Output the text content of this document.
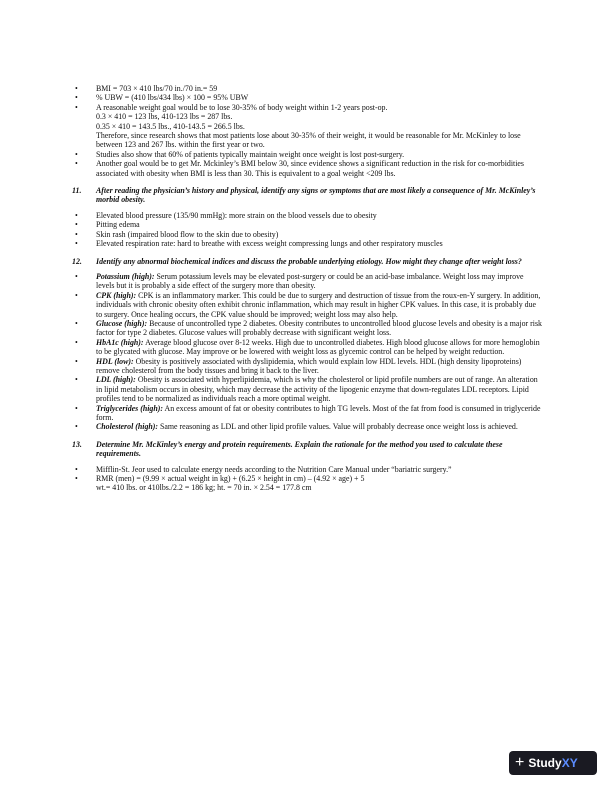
• BMI = 703 × 410 lbs/70 in./70 in.= 59
• % UBW = (410 lbs/434 lbs) × 100 = 95% UBW
• A reasonable weight goal would be to lose 30-35% of body weight within 1-2 years post-op.
0.3 × 410 = 123 lbs, 410-123 lbs = 287 lbs.
0.35 × 410 = 143.5 lbs., 410-143.5 = 266.5 lbs.
Therefore, since research shows that most patients lose about 30-35% of their weight, it would be reasonable for Mr. McKinley to lose between 123 and 267 lbs. within the first year or two.
• Studies also show that 60% of patients typically maintain weight once weight is lost post-surgery.
• Another goal would be to get Mr. Mckinley’s BMI below 30, since evidence shows a significant reduction in the risk for co-morbidities associated with obesity when BMI is less than 30. This is equivalent to a goal weight <209 lbs.
11.	After reading the physician’s history and physical, identify any signs or symptoms that are most likely a consequence of Mr. McKinley’s morbid obesity.
• Elevated blood pressure (135/90 mmHg): more strain on the blood vessels due to obesity
• Pitting edema
• Skin rash (impaired blood flow to the skin due to obesity)
• Elevated respiration rate: hard to breathe with excess weight compressing lungs and other respiratory muscles
12.	Identify any abnormal biochemical indices and discuss the probable underlying etiology. How might they change after weight loss?
• Potassium (high): Serum potassium levels may be elevated post-surgery or could be an acid-base imbalance. Weight loss may improve levels but it is probably a side effect of the surgery more than obesity.
• CPK (high): CPK is an inflammatory marker. This could be due to surgery and destruction of tissue from the roux-en-Y surgery. In addition, individuals with chronic obesity often exhibit chronic inflammation, which may result in higher CPK values. In this case, it is probably due to surgery. Once healing occurs, the CPK value should be improved; weight loss may also help.
• Glucose (high): Because of uncontrolled type 2 diabetes. Obesity contributes to uncontrolled blood glucose levels and obesity is a major risk factor for type 2 diabetes. Glucose values will probably decrease with significant weight loss.
• HbA1c (high): Average blood glucose over 8-12 weeks. High due to uncontrolled diabetes. High blood glucose allows for more hemoglobin to be glycated with glucose. May improve or be lowered with weight loss as glycemic control can be helped by weight reduction.
• HDL (low): Obesity is positively associated with dyslipidemia, which would explain low HDL levels. HDL (high density lipoproteins) remove cholesterol from the body tissues and bring it back to the liver.
• LDL (high): Obesity is associated with hyperlipidemia, which is why the cholesterol or lipid profile numbers are out of range. An alteration in lipid metabolism occurs in obesity, which may decrease the activity of the lipogenic enzyme that down-regulates LDL receptors. Lipid profiles tend to be normalized as individuals reach a more optimal weight.
• Triglycerides (high): An excess amount of fat or obesity contributes to high TG levels. Most of the fat from food is consumed in triglyceride form.
• Cholesterol (high): Same reasoning as LDL and other lipid profile values. Value will probably decrease once weight loss is achieved.
13.	Determine Mr. McKinley’s energy and protein requirements. Explain the rationale for the method you used to calculate these requirements.
• Mifflin-St. Jeor used to calculate energy needs according to the Nutrition Care Manual under “bariatric surgery.”
• RMR (men) = (9.99 × actual weight in kg) + (6.25 × height in cm) – (4.92 × age) + 5
wt.= 410 lbs. or 410lbs./2.2 = 186 kg; ht. = 70 in. × 2.54 = 177.8 cm
+ Study XY
